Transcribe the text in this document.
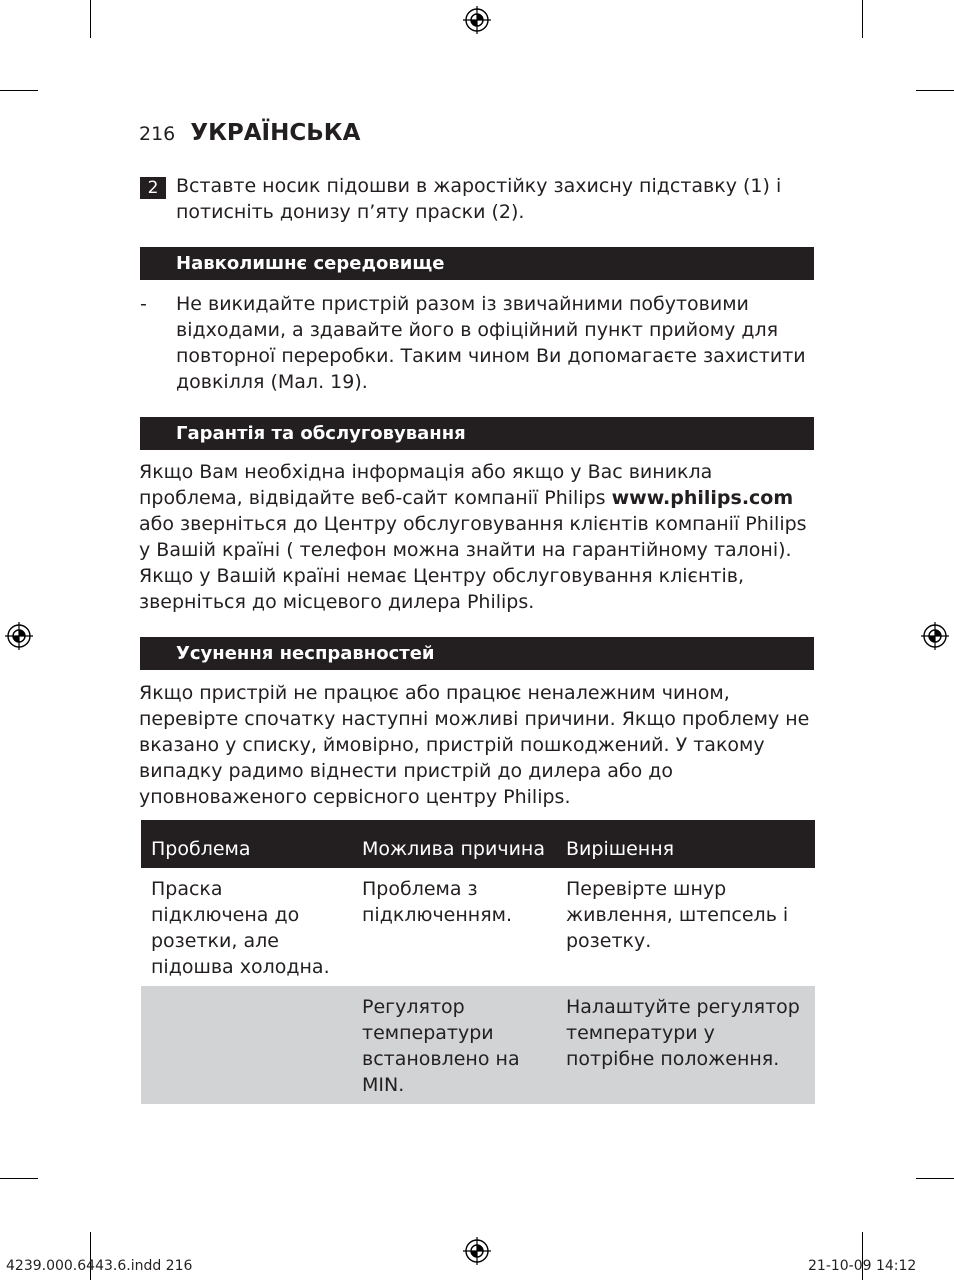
216 УКРАЇНСЬКА
2 Вставте носик підошви в жаростійку захисну підставку (1) і потисніть донизу п’яту праски (2).
Навколишнє середовище
- Не викидайте пристрій разом із звичайними побутовими відходами, а здавайте його в офіційний пункт прийому для повторної переробки. Таким чином Ви допомагаєте захистити довкілля (Мал. 19).
Гарантія та обслуговування
Якщо Вам необхідна інформація або якщо у Вас виникла проблема, відвідайте веб-сайт компанії Philips www.philips.com або зверніться до Центру обслуговування клієнтів компанії Philips у Вашій країні ( телефон можна знайти на гарантійному талоні). Якщо у Вашій країні немає Центру обслуговування клієнтів, зверніться до місцевого дилера Philips.
Усунення несправностей
Якщо пристрій не працює або працює неналежним чином, перевірте спочатку наступні можливі причини. Якщо проблему не вказано у списку, ймовірно, пристрій пошкоджений. У такому випадку радимо віднести пристрій до дилера або до уповноваженого сервісного центру Philips.
Проблема	Можлива причина	Вирішення
Праска підключена до розетки, але підошва холодна.	Проблема з підключенням.	Перевірте шнур живлення, штепсель і розетку.
	Регулятор температури встановлено на MIN.	Налаштуйте регулятор температури у потрібне положення.
4239.000.6443.6.indd 216	21-10-09 14:12
